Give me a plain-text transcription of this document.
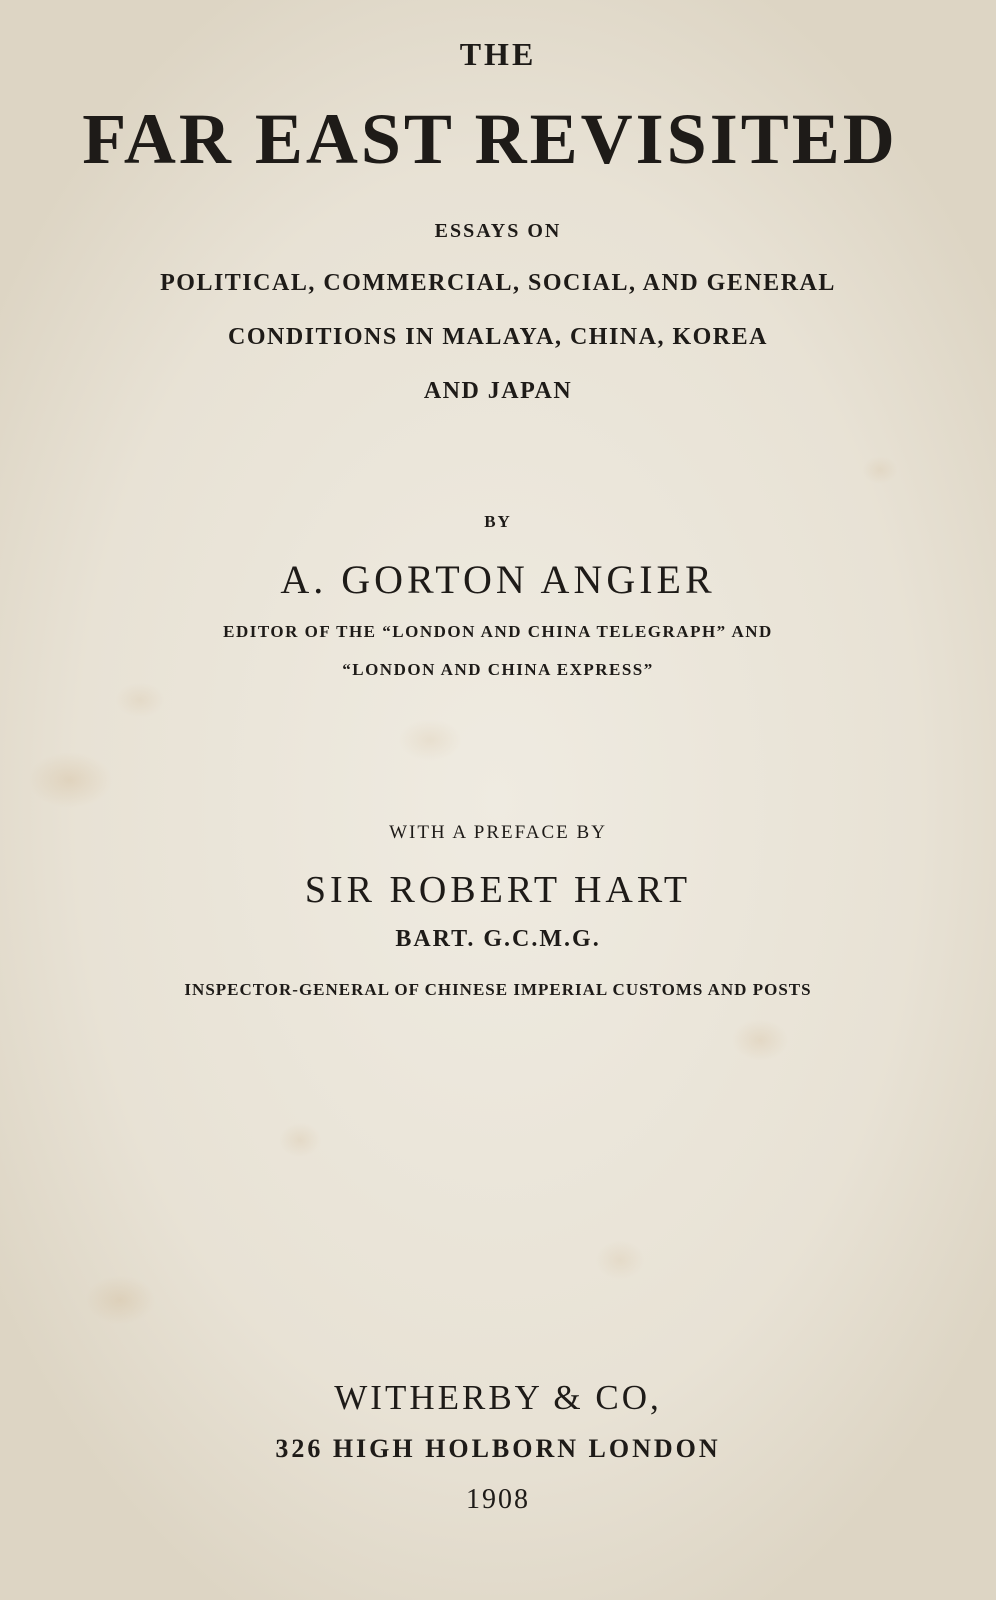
THE
FAR EAST REVISITED
ESSAYS ON
POLITICAL, COMMERCIAL, SOCIAL, AND GENERAL
CONDITIONS IN MALAYA, CHINA, KOREA
AND JAPAN
BY
A. GORTON ANGIER
EDITOR OF THE “LONDON AND CHINA TELEGRAPH” AND
“LONDON AND CHINA EXPRESS”
WITH A PREFACE BY
SIR ROBERT HART
BART. G.C.M.G.
INSPECTOR-GENERAL OF CHINESE IMPERIAL CUSTOMS AND POSTS
WITHERBY & CO,
326 HIGH HOLBORN LONDON
1908
